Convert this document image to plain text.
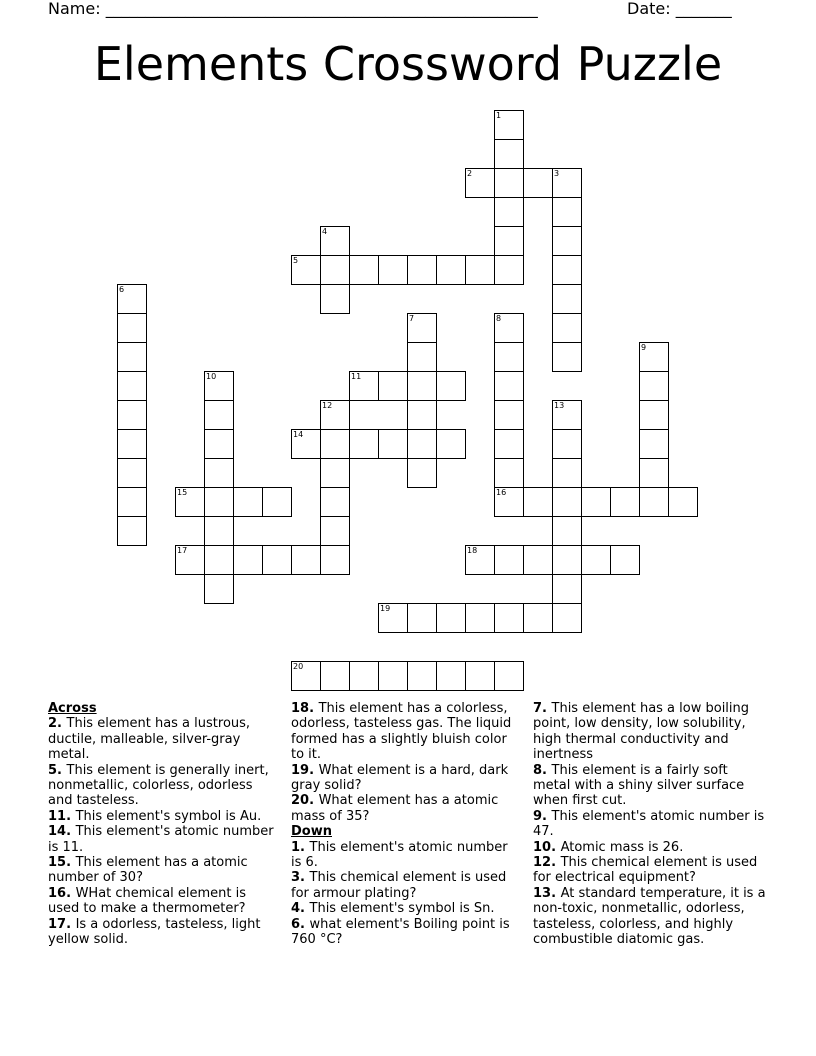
Name: ______________________________________________________	Date: _______
Elements Crossword Puzzle
1
2	3
4
5
6
7	8
16
9
10	11
12	13
14
15
17	18
19
20
Across
2. This element has a lustrous, ductile, malleable, silver-gray metal.
5. This element is generally inert, nonmetallic, colorless, odorless and tasteless.
11. This element's symbol is Au.
14. This element's atomic number is 11.
15. This element has a atomic number of 30?
16. WHat chemical element is used to make a thermometer?
17. Is a odorless, tasteless, light yellow solid.
18. This element has a colorless, odorless, tasteless gas. The liquid formed has a slightly bluish color to it.
19. What element is a hard, dark gray solid?
20. What element has a atomic mass of 35?
Down
1. This element's atomic number is 6.
3. This chemical element is used for armour plating?
4. This element's symbol is Sn.
6. what element's Boiling point is 760 °C?
7. This element has a low boiling point, low density, low solubility, high thermal conductivity and inertness
8. This element is a fairly soft metal with a shiny silver surface when first cut.
9. This element's atomic number is 47.
10. Atomic mass is 26.
12. This chemical element is used for electrical equipment?
13. At standard temperature, it is a non-toxic, nonmetallic, odorless, tasteless, colorless, and highly combustible diatomic gas.
